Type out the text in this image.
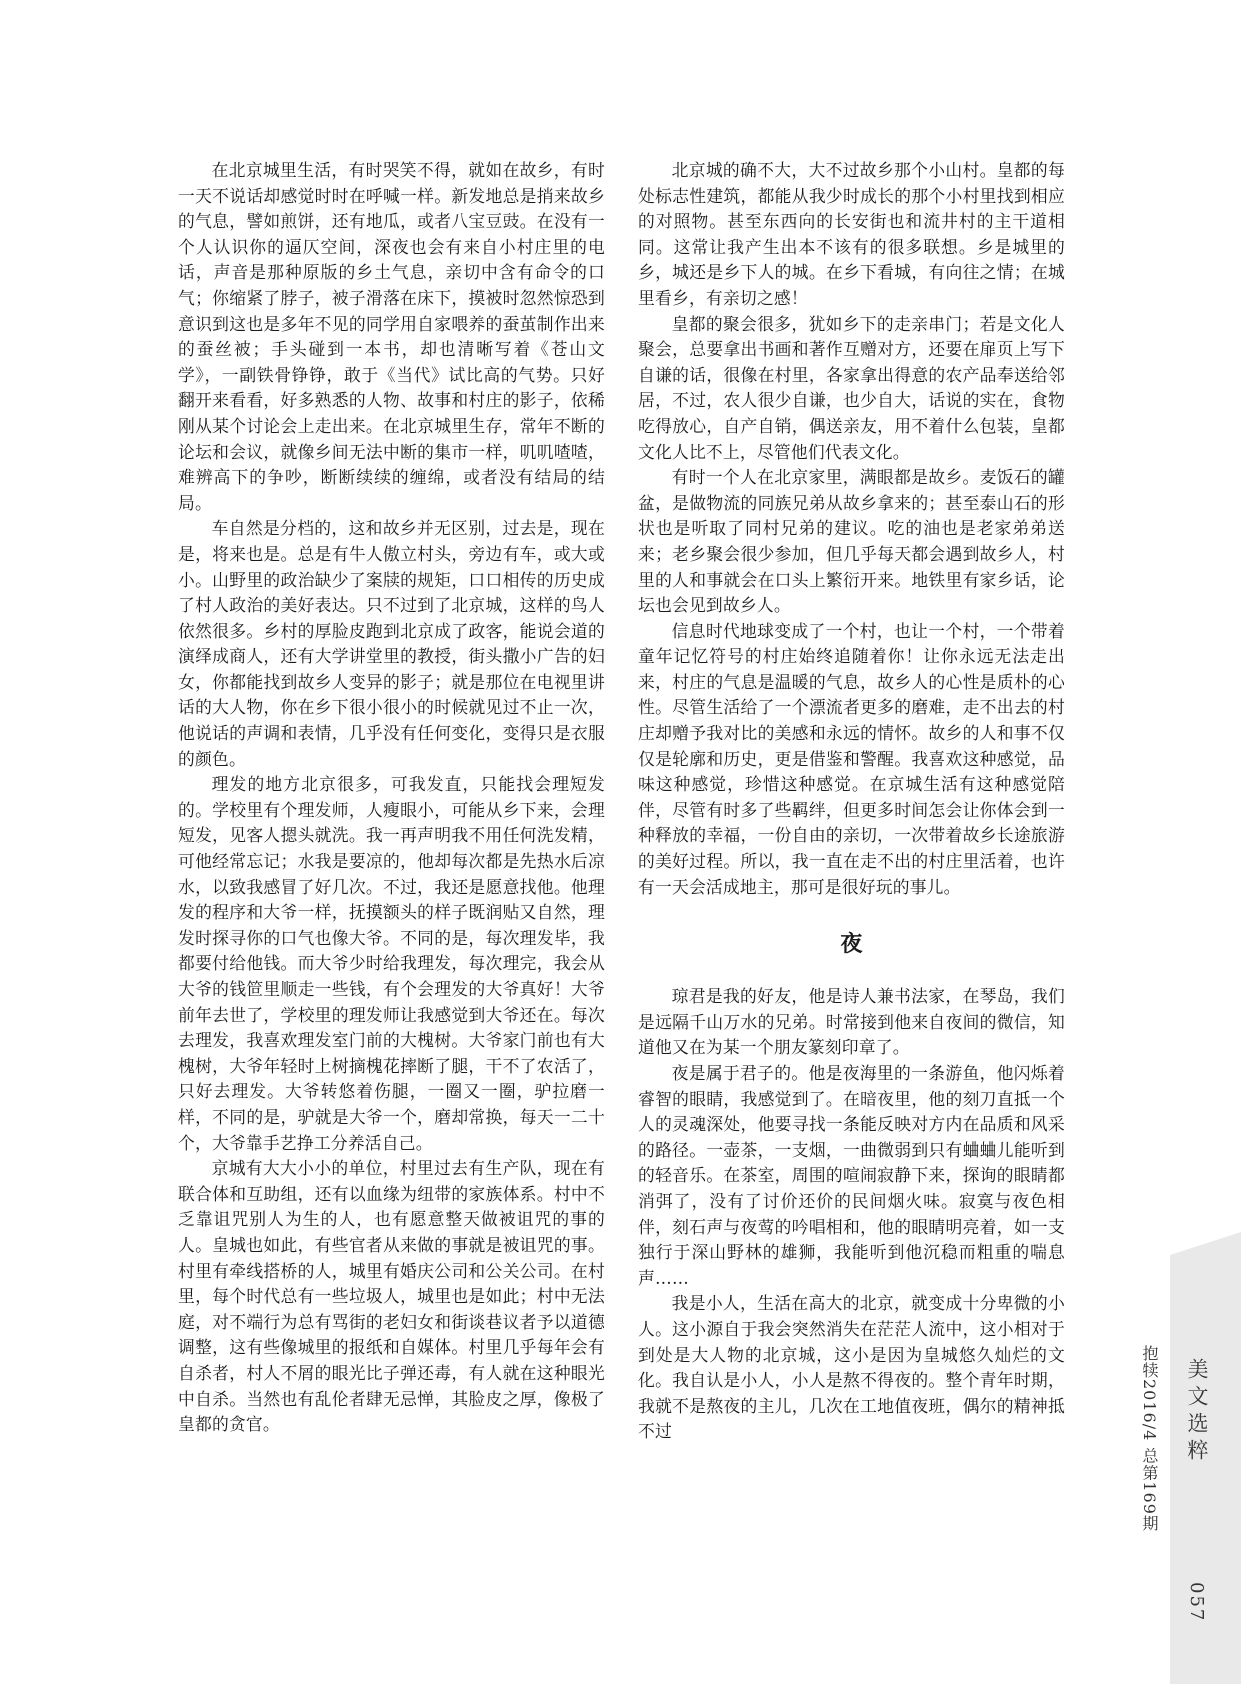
在北京城里生活，有时哭笑不得，就如在故乡，有时一天不说话却感觉时时在呼喊一样。新发地总是捎来故乡的气息，譬如煎饼，还有地瓜，或者八宝豆豉。在没有一个人认识你的逼仄空间，深夜也会有来自小村庄里的电话，声音是那种原版的乡土气息，亲切中含有命令的口气；你缩紧了脖子，被子滑落在床下，摸被时忽然惊恐到意识到这也是多年不见的同学用自家喂养的蚕茧制作出来的蚕丝被；手头碰到一本书，却也清晰写着《苍山文学》，一副铁骨铮铮，敢于《当代》试比高的气势。只好翻开来看看，好多熟悉的人物、故事和村庄的影子，依稀刚从某个讨论会上走出来。在北京城里生存，常年不断的论坛和会议，就像乡间无法中断的集市一样，叽叽喳喳，难辨高下的争吵，断断续续的缠绵，或者没有结局的结局。

车自然是分档的，这和故乡并无区别，过去是，现在是，将来也是。总是有牛人傲立村头，旁边有车，或大或小。山野里的政治缺少了案牍的规矩，口口相传的历史成了村人政治的美好表达。只不过到了北京城，这样的鸟人依然很多。乡村的厚脸皮跑到北京成了政客，能说会道的演绎成商人，还有大学讲堂里的教授，街头撒小广告的妇女，你都能找到故乡人变异的影子；就是那位在电视里讲话的大人物，你在乡下很小很小的时候就见过不止一次，他说话的声调和表情，几乎没有任何变化，变得只是衣服的颜色。

理发的地方北京很多，可我发直，只能找会理短发的。学校里有个理发师，人瘦眼小，可能从乡下来，会理短发，见客人摁头就洗。我一再声明我不用任何洗发精，可他经常忘记；水我是要凉的，他却每次都是先热水后凉水，以致我感冒了好几次。不过，我还是愿意找他。他理发的程序和大爷一样，抚摸额头的样子既润贴又自然，理发时探寻你的口气也像大爷。不同的是，每次理发毕，我都要付给他钱。而大爷少时给我理发，每次理完，我会从大爷的钱笸里顺走一些钱，有个会理发的大爷真好！大爷前年去世了，学校里的理发师让我感觉到大爷还在。每次去理发，我喜欢理发室门前的大槐树。大爷家门前也有大槐树，大爷年轻时上树摘槐花摔断了腿，干不了农活了，只好去理发。大爷转悠着伤腿，一圈又一圈，驴拉磨一样，不同的是，驴就是大爷一个，磨却常换，每天一二十个，大爷靠手艺挣工分养活自己。

京城有大大小小的单位，村里过去有生产队，现在有联合体和互助组，还有以血缘为纽带的家族体系。村中不乏靠诅咒别人为生的人，也有愿意整天做被诅咒的事的人。皇城也如此，有些官者从来做的事就是被诅咒的事。村里有牵线搭桥的人，城里有婚庆公司和公关公司。在村里，每个时代总有一些垃圾人，城里也是如此；村中无法庭，对不端行为总有骂街的老妇女和街谈巷议者予以道德调整，这有些像城里的报纸和自媒体。村里几乎每年会有自杀者，村人不屑的眼光比子弹还毒，有人就在这种眼光中自杀。当然也有乱伦者肆无忌惮，其脸皮之厚，像极了皇都的贪官。

北京城的确不大，大不过故乡那个小山村。皇都的每处标志性建筑，都能从我少时成长的那个小村里找到相应的对照物。甚至东西向的长安街也和流井村的主干道相同。这常让我产生出本不该有的很多联想。乡是城里的乡，城还是乡下人的城。在乡下看城，有向往之情；在城里看乡，有亲切之感！

皇都的聚会很多，犹如乡下的走亲串门；若是文化人聚会，总要拿出书画和著作互赠对方，还要在扉页上写下自谦的话，很像在村里，各家拿出得意的农产品奉送给邻居，不过，农人很少自谦，也少自大，话说的实在，食物吃得放心，自产自销，偶送亲友，用不着什么包装，皇都文化人比不上，尽管他们代表文化。

有时一个人在北京家里，满眼都是故乡。麦饭石的罐盆，是做物流的同族兄弟从故乡拿来的；甚至泰山石的形状也是听取了同村兄弟的建议。吃的油也是老家弟弟送来；老乡聚会很少参加，但几乎每天都会遇到故乡人，村里的人和事就会在口头上繁衍开来。地铁里有家乡话，论坛也会见到故乡人。

信息时代地球变成了一个村，也让一个村，一个带着童年记忆符号的村庄始终追随着你！让你永远无法走出来，村庄的气息是温暖的气息，故乡人的心性是质朴的心性。尽管生活给了一个漂流者更多的磨难，走不出去的村庄却赠予我对比的美感和永远的情怀。故乡的人和事不仅仅是轮廓和历史，更是借鉴和警醒。我喜欢这种感觉，品味这种感觉，珍惜这种感觉。在京城生活有这种感觉陪伴，尽管有时多了些羁绊，但更多时间怎会让你体会到一种释放的幸福，一份自由的亲切，一次带着故乡长途旅游的美好过程。所以，我一直在走不出的村庄里活着，也许有一天会活成地主，那可是很好玩的事儿。

夜

琼君是我的好友，他是诗人兼书法家，在琴岛，我们是远隔千山万水的兄弟。时常接到他来自夜间的微信，知道他又在为某一个朋友篆刻印章了。

夜是属于君子的。他是夜海里的一条游鱼，他闪烁着睿智的眼睛，我感觉到了。在暗夜里，他的刻刀直抵一个人的灵魂深处，他要寻找一条能反映对方内在品质和风采的路径。一壶茶，一支烟，一曲微弱到只有蛐蛐儿能听到的轻音乐。在茶室，周围的喧闹寂静下来，探询的眼睛都消弭了，没有了讨价还价的民间烟火味。寂寞与夜色相伴，刻石声与夜莺的吟唱相和，他的眼睛明亮着，如一支独行于深山野林的雄狮，我能听到他沉稳而粗重的喘息声……

我是小人，生活在高大的北京，就变成十分卑微的小人。这小源自于我会突然消失在茫茫人流中，这小相对于到处是大人物的北京城，这小是因为皇城悠久灿烂的文化。我自认是小人，小人是熬不得夜的。整个青年时期，我就不是熬夜的主儿，几次在工地值夜班，偶尔的精神抵不过	抱犊2016/4 总第169期 美文选粹
057
